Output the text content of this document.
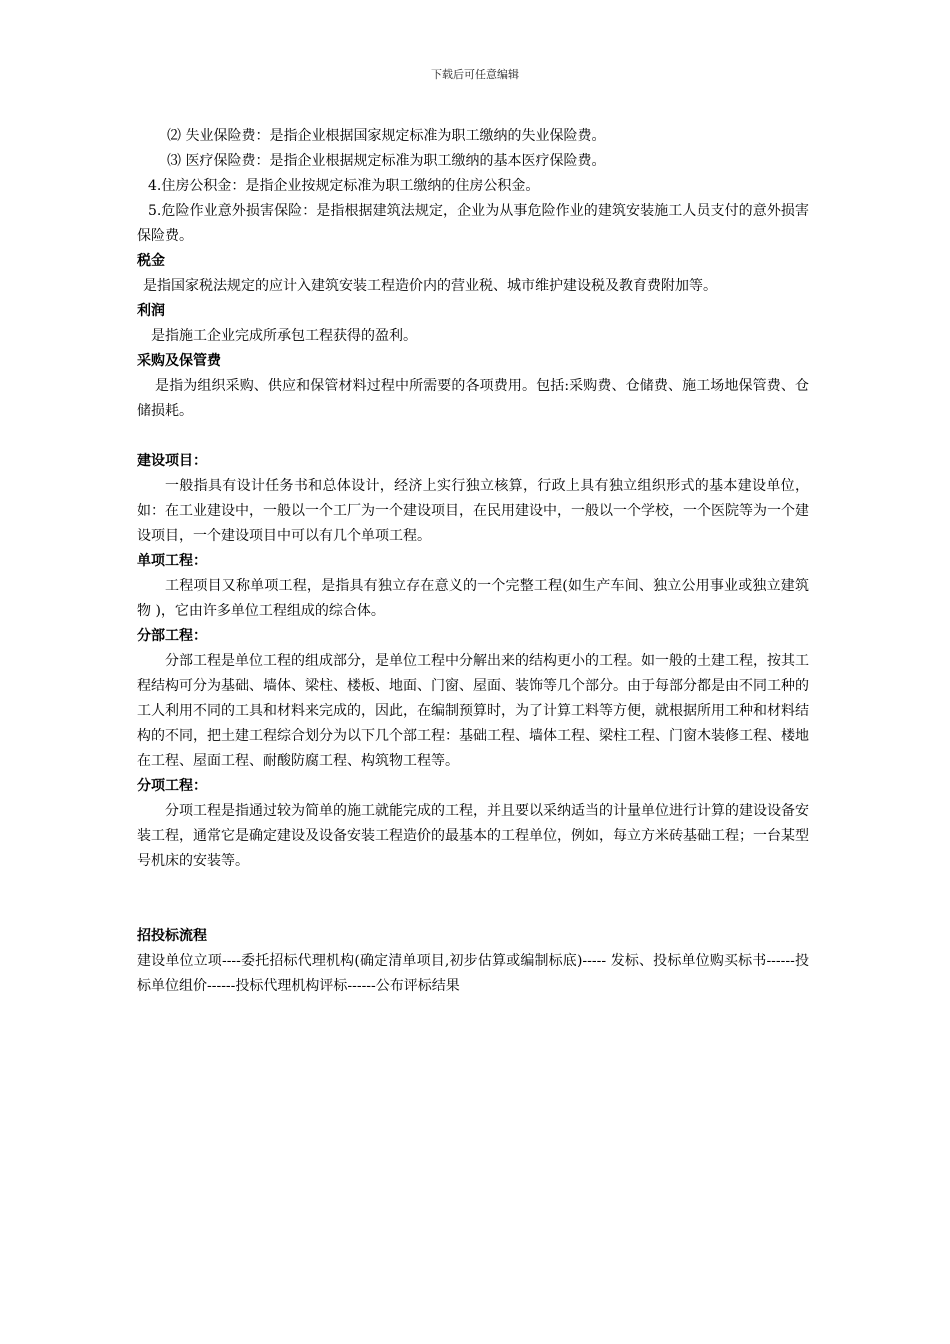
下载后可任意编辑

⑵ 失业保险费：是指企业根据国家规定标准为职工缴纳的失业保险费。

⑶ 医疗保险费：是指企业根据规定标准为职工缴纳的基本医疗保险费。

4.住房公积金：是指企业按规定标准为职工缴纳的住房公积金。

5.危险作业意外损害保险：是指根据建筑法规定，企业为从事危险作业的建筑安装施工人员支付的意外损害保险费。

税金

是指国家税法规定的应计入建筑安装工程造价内的营业税、城市维护建设税及教育费附加等。

利润

是指施工企业完成所承包工程获得的盈利。

采购及保管费

是指为组织采购、供应和保管材料过程中所需要的各项费用。包括:采购费、仓储费、施工场地保管费、仓储损耗。

建设项目：

一般指具有设计任务书和总体设计，经济上实行独立核算，行政上具有独立组织形式的基本建设单位，如：在工业建设中，一般以一个工厂为一个建设项目，在民用建设中，一般以一个学校，一个医院等为一个建设项目，一个建设项目中可以有几个单项工程。

单项工程：

工程项目又称单项工程，是指具有独立存在意义的一个完整工程(如生产车间、独立公用事业或独立建筑物 )，它由许多单位工程组成的综合体。

分部工程：

分部工程是单位工程的组成部分，是单位工程中分解出来的结构更小的工程。如一般的土建工程，按其工程结构可分为基础、墙体、梁柱、楼板、地面、门窗、屋面、装饰等几个部分。由于每部分都是由不同工种的工人利用不同的工具和材料来完成的，因此，在编制预算时，为了计算工料等方便，就根据所用工种和材料结构的不同，把土建工程综合划分为以下几个部工程：基础工程、墙体工程、梁柱工程、门窗木装修工程、楼地在工程、屋面工程、耐酸防腐工程、构筑物工程等。

分项工程：

分项工程是指通过较为简单的施工就能完成的工程，并且要以采纳适当的计量单位进行计算的建设设备安装工程，通常它是确定建设及设备安装工程造价的最基本的工程单位，例如，每立方米砖基础工程；一台某型号机床的安装等。

招投标流程

建设单位立项----委托招标代理机构(确定清单项目,初步估算或编制标底)----- 发标、投标单位购买标书------投标单位组价------投标代理机构评标------公布评标结果
